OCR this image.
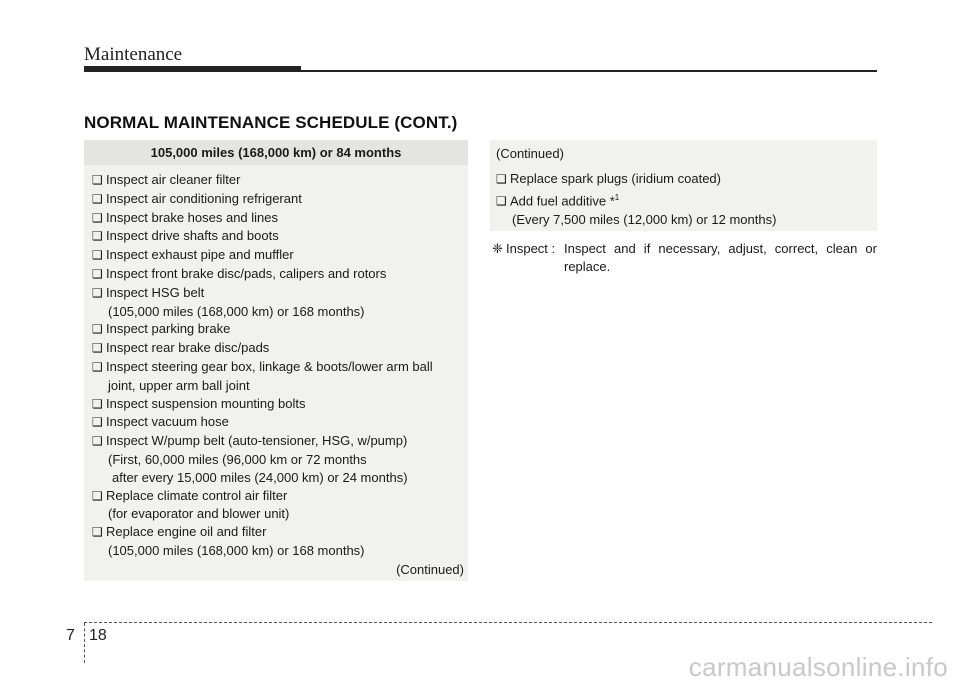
Maintenance
NORMAL MAINTENANCE SCHEDULE (CONT.)
105,000 miles (168,000 km) or 84 months
❑ Inspect air cleaner filter
❑ Inspect air conditioning refrigerant
❑ Inspect brake hoses and lines
❑ Inspect drive shafts and boots
❑ Inspect exhaust pipe and muffler
❑ Inspect front brake disc/pads, calipers and rotors
❑ Inspect HSG belt
(105,000 miles (168,000 km) or 168 months)
❑ Inspect parking brake
❑ Inspect rear brake disc/pads
❑ Inspect steering gear box, linkage & boots/lower arm ball
joint, upper arm ball joint
❑ Inspect suspension mounting bolts
❑ Inspect vacuum hose
❑ Inspect W/pump belt (auto-tensioner, HSG, w/pump)
(First, 60,000 miles (96,000 km or 72 months
after every 15,000 miles (24,000 km) or 24 months)
❑ Replace climate control air filter
(for evaporator and blower unit)
❑ Replace engine oil and filter
(105,000 miles (168,000 km) or 168 months)
(Continued)
(Continued)
❑ Replace spark plugs (iridium coated)
❑ Add fuel additive *$^1$
(Every 7,500 miles (12,000 km) or 12 months)
❈ Inspect : Inspect and if necessary, adjust, correct, clean or
replace.
7 18
carmanualsonline.info
